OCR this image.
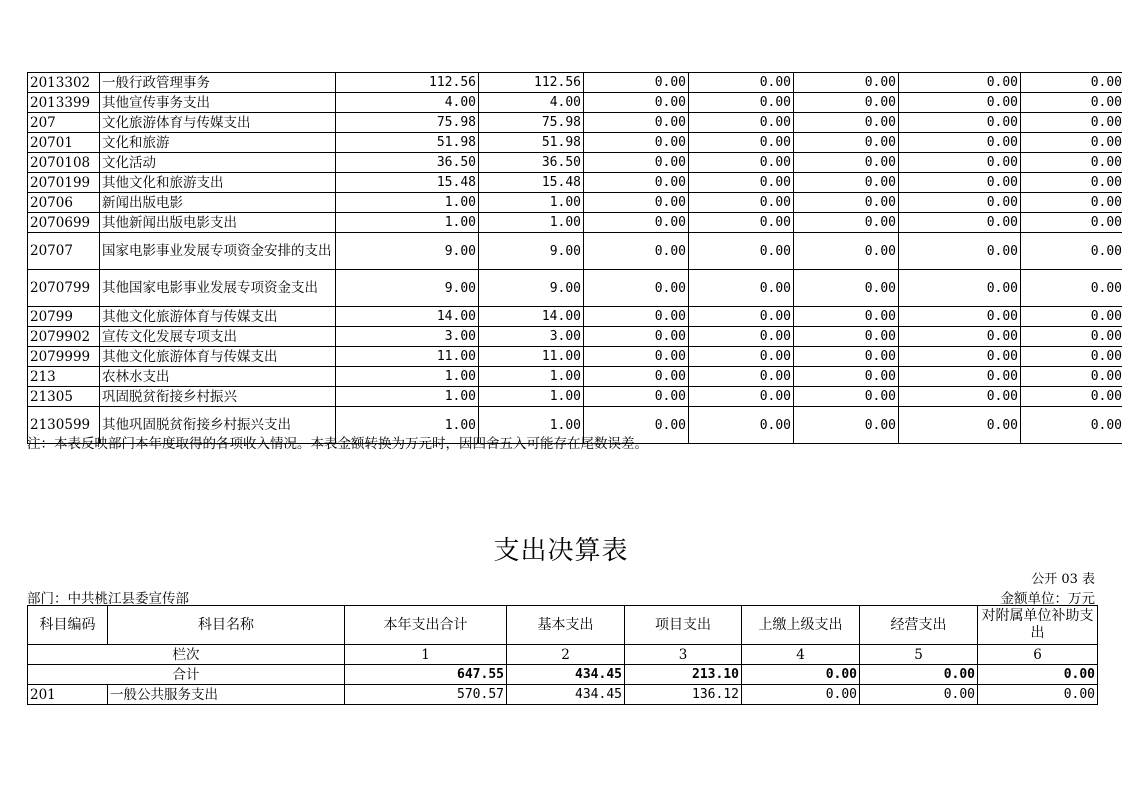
2013302	一般行政管理事务	112.56	112.56	0.00	0.00	0.00	0.00	0.00
2013399	其他宣传事务支出	4.00	4.00	0.00	0.00	0.00	0.00	0.00
207	文化旅游体育与传媒支出	75.98	75.98	0.00	0.00	0.00	0.00	0.00
20701	文化和旅游	51.98	51.98	0.00	0.00	0.00	0.00	0.00
2070108	文化活动	36.50	36.50	0.00	0.00	0.00	0.00	0.00
2070199	其他文化和旅游支出	15.48	15.48	0.00	0.00	0.00	0.00	0.00
20706	新闻出版电影	1.00	1.00	0.00	0.00	0.00	0.00	0.00
2070699	其他新闻出版电影支出	1.00	1.00	0.00	0.00	0.00	0.00	0.00
20707	国家电影事业发展专项资金安排的支出	9.00	9.00	0.00	0.00	0.00	0.00	0.00
2070799	其他国家电影事业发展专项资金支出	9.00	9.00	0.00	0.00	0.00	0.00	0.00
20799	其他文化旅游体育与传媒支出	14.00	14.00	0.00	0.00	0.00	0.00	0.00
2079902	宣传文化发展专项支出	3.00	3.00	0.00	0.00	0.00	0.00	0.00
2079999	其他文化旅游体育与传媒支出	11.00	11.00	0.00	0.00	0.00	0.00	0.00
213	农林水支出	1.00	1.00	0.00	0.00	0.00	0.00	0.00
21305	巩固脱贫衔接乡村振兴	1.00	1.00	0.00	0.00	0.00	0.00	0.00
2130599	其他巩固脱贫衔接乡村振兴支出	1.00	1.00	0.00	0.00	0.00	0.00	0.00
注：本表反映部门本年度取得的各项收入情况。本表金额转换为万元时，因四舍五入可能存在尾数误差。
支出决算表
公开 03 表
部门：中共桃江县委宣传部	金额单位：万元
科目编码	科目名称	本年支出合计	基本支出	项目支出	上缴上级支出	经营支出	对附属单位补助支出
栏次		1	2	3	4	5	6
合计		647.55	434.45	213.10	0.00	0.00	0.00
201	一般公共服务支出	570.57	434.45	136.12	0.00	0.00	0.00
